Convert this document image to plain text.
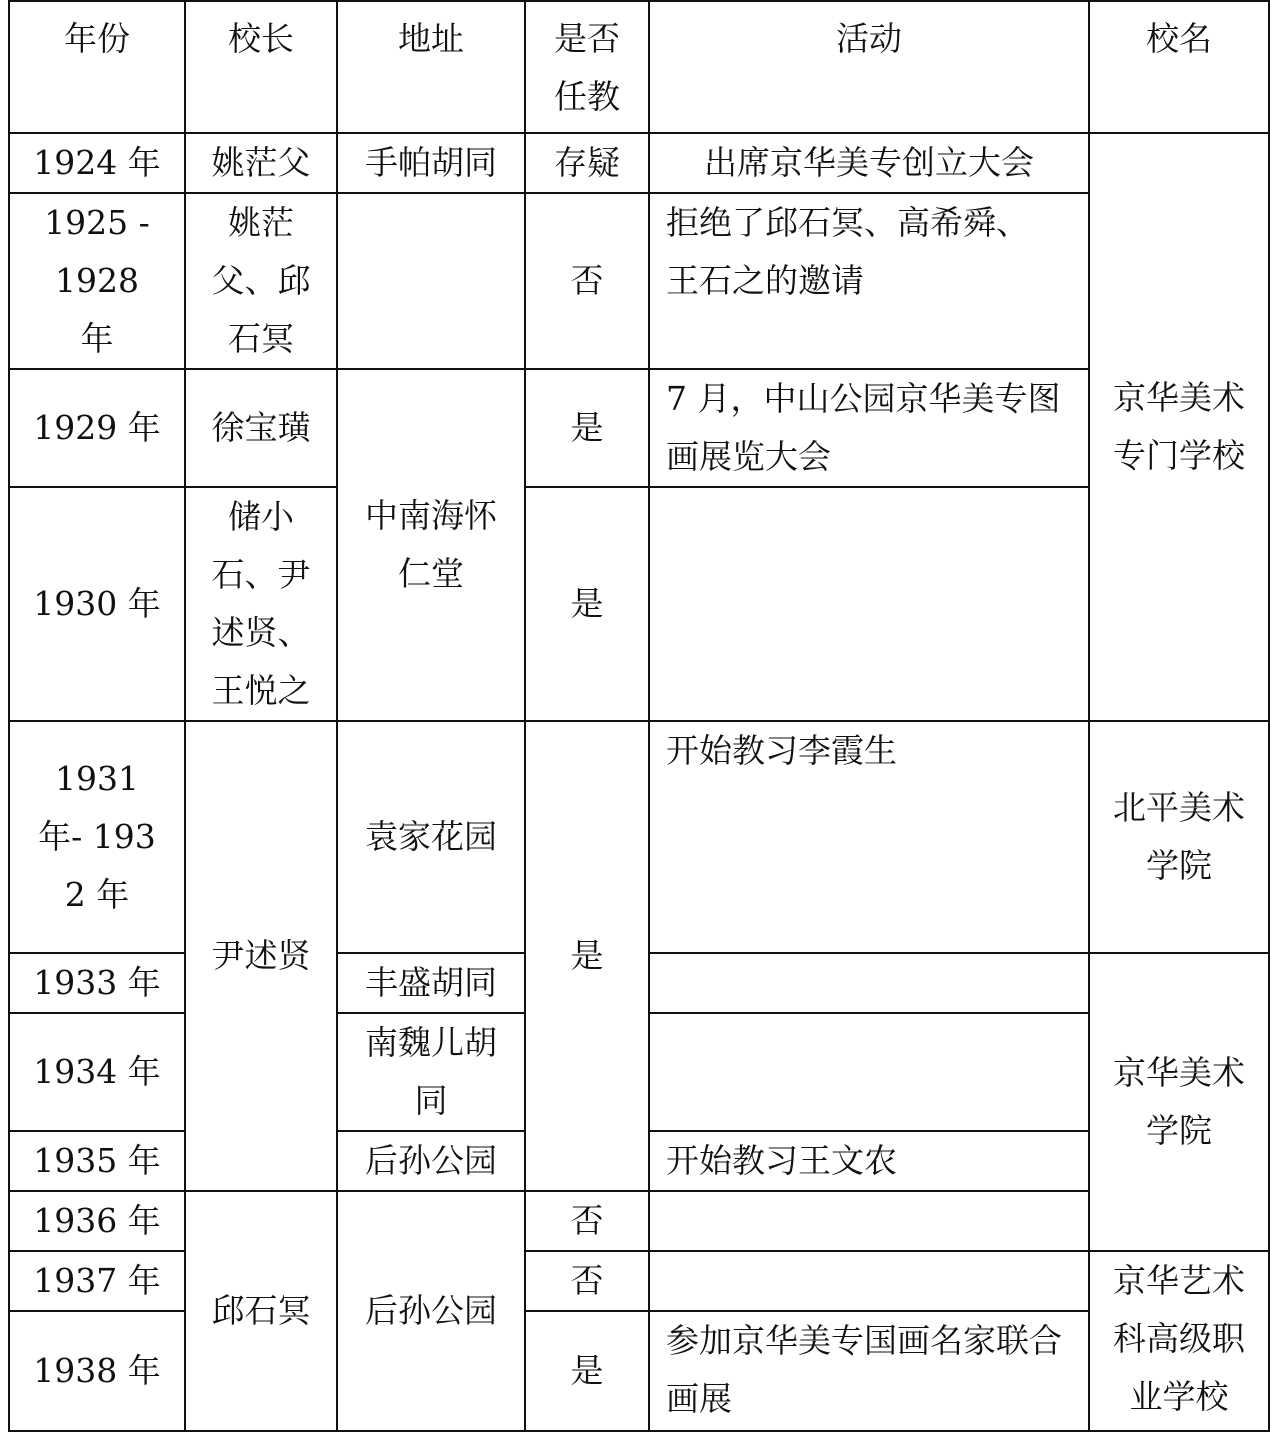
年份	校长	地址	是否任教	活动	校名
1924 年	姚茫父	手帕胡同	存疑	出席京华美专创立大会	京华美术专门学校
1925 -1928 年	姚茫父、邱石冥		否	拒绝了邱石冥、高希舜、王石之的邀请	
1929 年	徐宝璜	中南海怀仁堂	是	7 月，中山公园京华美专图画展览大会	
1930 年	储小石、尹述贤、王悦之		是		
1931 年- 1932 年	尹述贤	袁家花园	是	开始教习李霞生	北平美术学院
1933 年		丰盛胡同			京华美术学院
1934 年		南魏儿胡同			
1935 年		后孙公园		开始教习王文农	
1936 年	邱石冥	后孙公园	否		
1937 年			否		京华艺术科高级职业学校
1938 年			是	参加京华美专国画名家联合画展	
